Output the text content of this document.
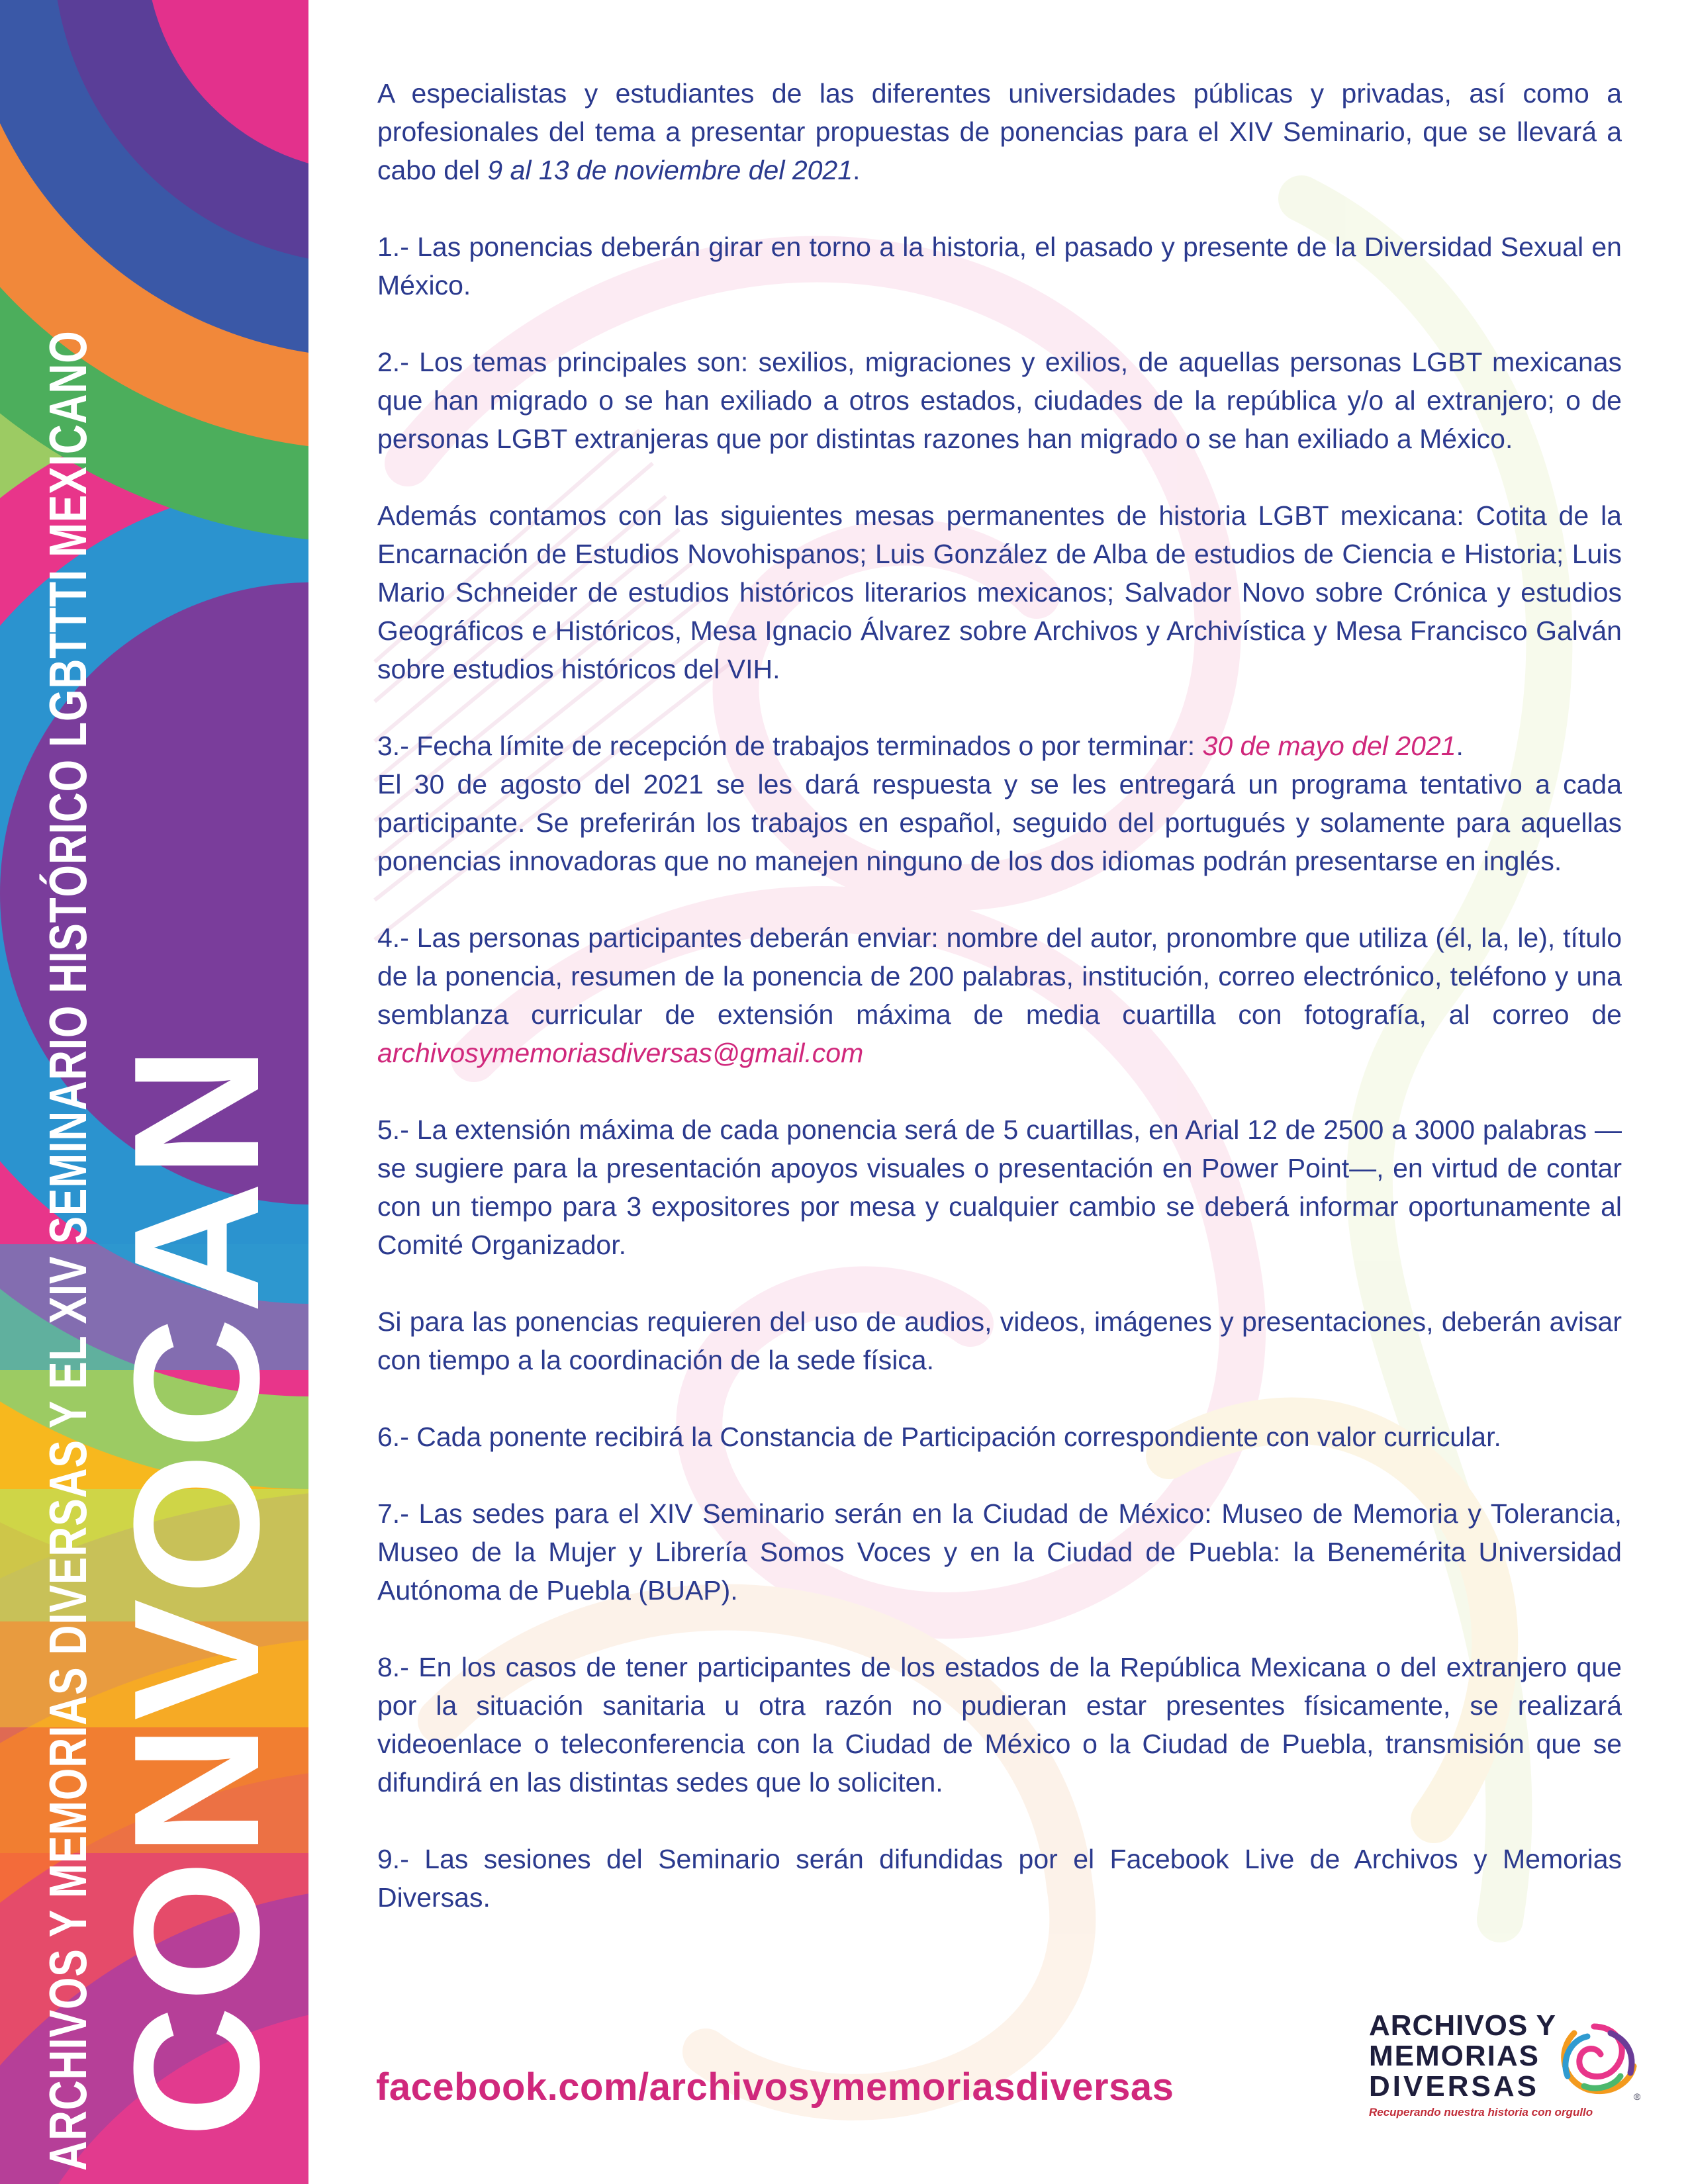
ARCHIVOS Y MEMORIAS DIVERSAS Y EL XIV SEMINARIO HISTÓRICO LGBTTTI MEXICANO CONVOCAN

A especialistas y estudiantes de las diferentes universidades públicas y privadas, así como a profesionales del tema a presentar propuestas de ponencias para el XIV Seminario, que se llevará a cabo del 9 al 13 de noviembre del 2021.

1.- Las ponencias deberán girar en torno a la historia, el pasado y presente de la Diversidad Sexual en México.

2.- Los temas principales son: sexilios, migraciones y exilios, de aquellas personas LGBT mexicanas que han migrado o se han exiliado a otros estados, ciudades de la república y/o al extranjero; o de personas LGBT extranjeras que por distintas razones han migrado o se han exiliado a México.

Además contamos con las siguientes mesas permanentes de historia LGBT mexicana: Cotita de la Encarnación de Estudios Novohispanos; Luis González de Alba de estudios de Ciencia e Historia; Luis Mario Schneider de estudios históricos literarios mexicanos; Salvador Novo sobre Crónica y estudios Geográficos e Históricos, Mesa Ignacio Álvarez sobre Archivos y Archivística y Mesa Francisco Galván sobre estudios históricos del VIH.

3.- Fecha límite de recepción de trabajos terminados o por terminar: 30 de mayo del 2021.
El 30 de agosto del 2021 se les dará respuesta y se les entregará un programa tentativo a cada participante. Se preferirán los trabajos en español, seguido del portugués y solamente para aquellas ponencias innovadoras que no manejen ninguno de los dos idiomas podrán presentarse en inglés.

4.- Las personas participantes deberán enviar: nombre del autor, pronombre que utiliza (él, la, le), título de la ponencia, resumen de la ponencia de 200 palabras, institución, correo electrónico, teléfono y una semblanza curricular de extensión máxima de media cuartilla con fotografía, al correo de archivosymemoriasdiversas@gmail.com

5.- La extensión máxima de cada ponencia será de 5 cuartillas, en Arial 12 de 2500 a 3000 palabras —se sugiere para la presentación apoyos visuales o presentación en Power Point—, en virtud de contar con un tiempo para 3 expositores por mesa y cualquier cambio se deberá informar oportunamente al Comité Organizador.

Si para las ponencias requieren del uso de audios, videos, imágenes y presentaciones, deberán avisar con tiempo a la coordinación de la sede física.

6.- Cada ponente recibirá la Constancia de Participación correspondiente con valor curricular.

7.- Las sedes para el XIV Seminario serán en la Ciudad de México: Museo de Memoria y Tolerancia, Museo de la Mujer y Librería Somos Voces y en la Ciudad de Puebla: la Benemérita Universidad Autónoma de Puebla (BUAP).

8.- En los casos de tener participantes de los estados de la República Mexicana o del extranjero que por la situación sanitaria u otra razón no pudieran estar presentes físicamente, se realizará videoenlace o teleconferencia con la Ciudad de México o la Ciudad de Puebla, transmisión que se difundirá en las distintas sedes que lo soliciten.

9.- Las sesiones del Seminario serán difundidas por el Facebook Live de Archivos y Memorias Diversas.

facebook.com/archivosymemoriasdiversas
ARCHIVOS Y
MEMORIAS
DIVERSAS
Recuperando nuestra historia con orgullo
®
